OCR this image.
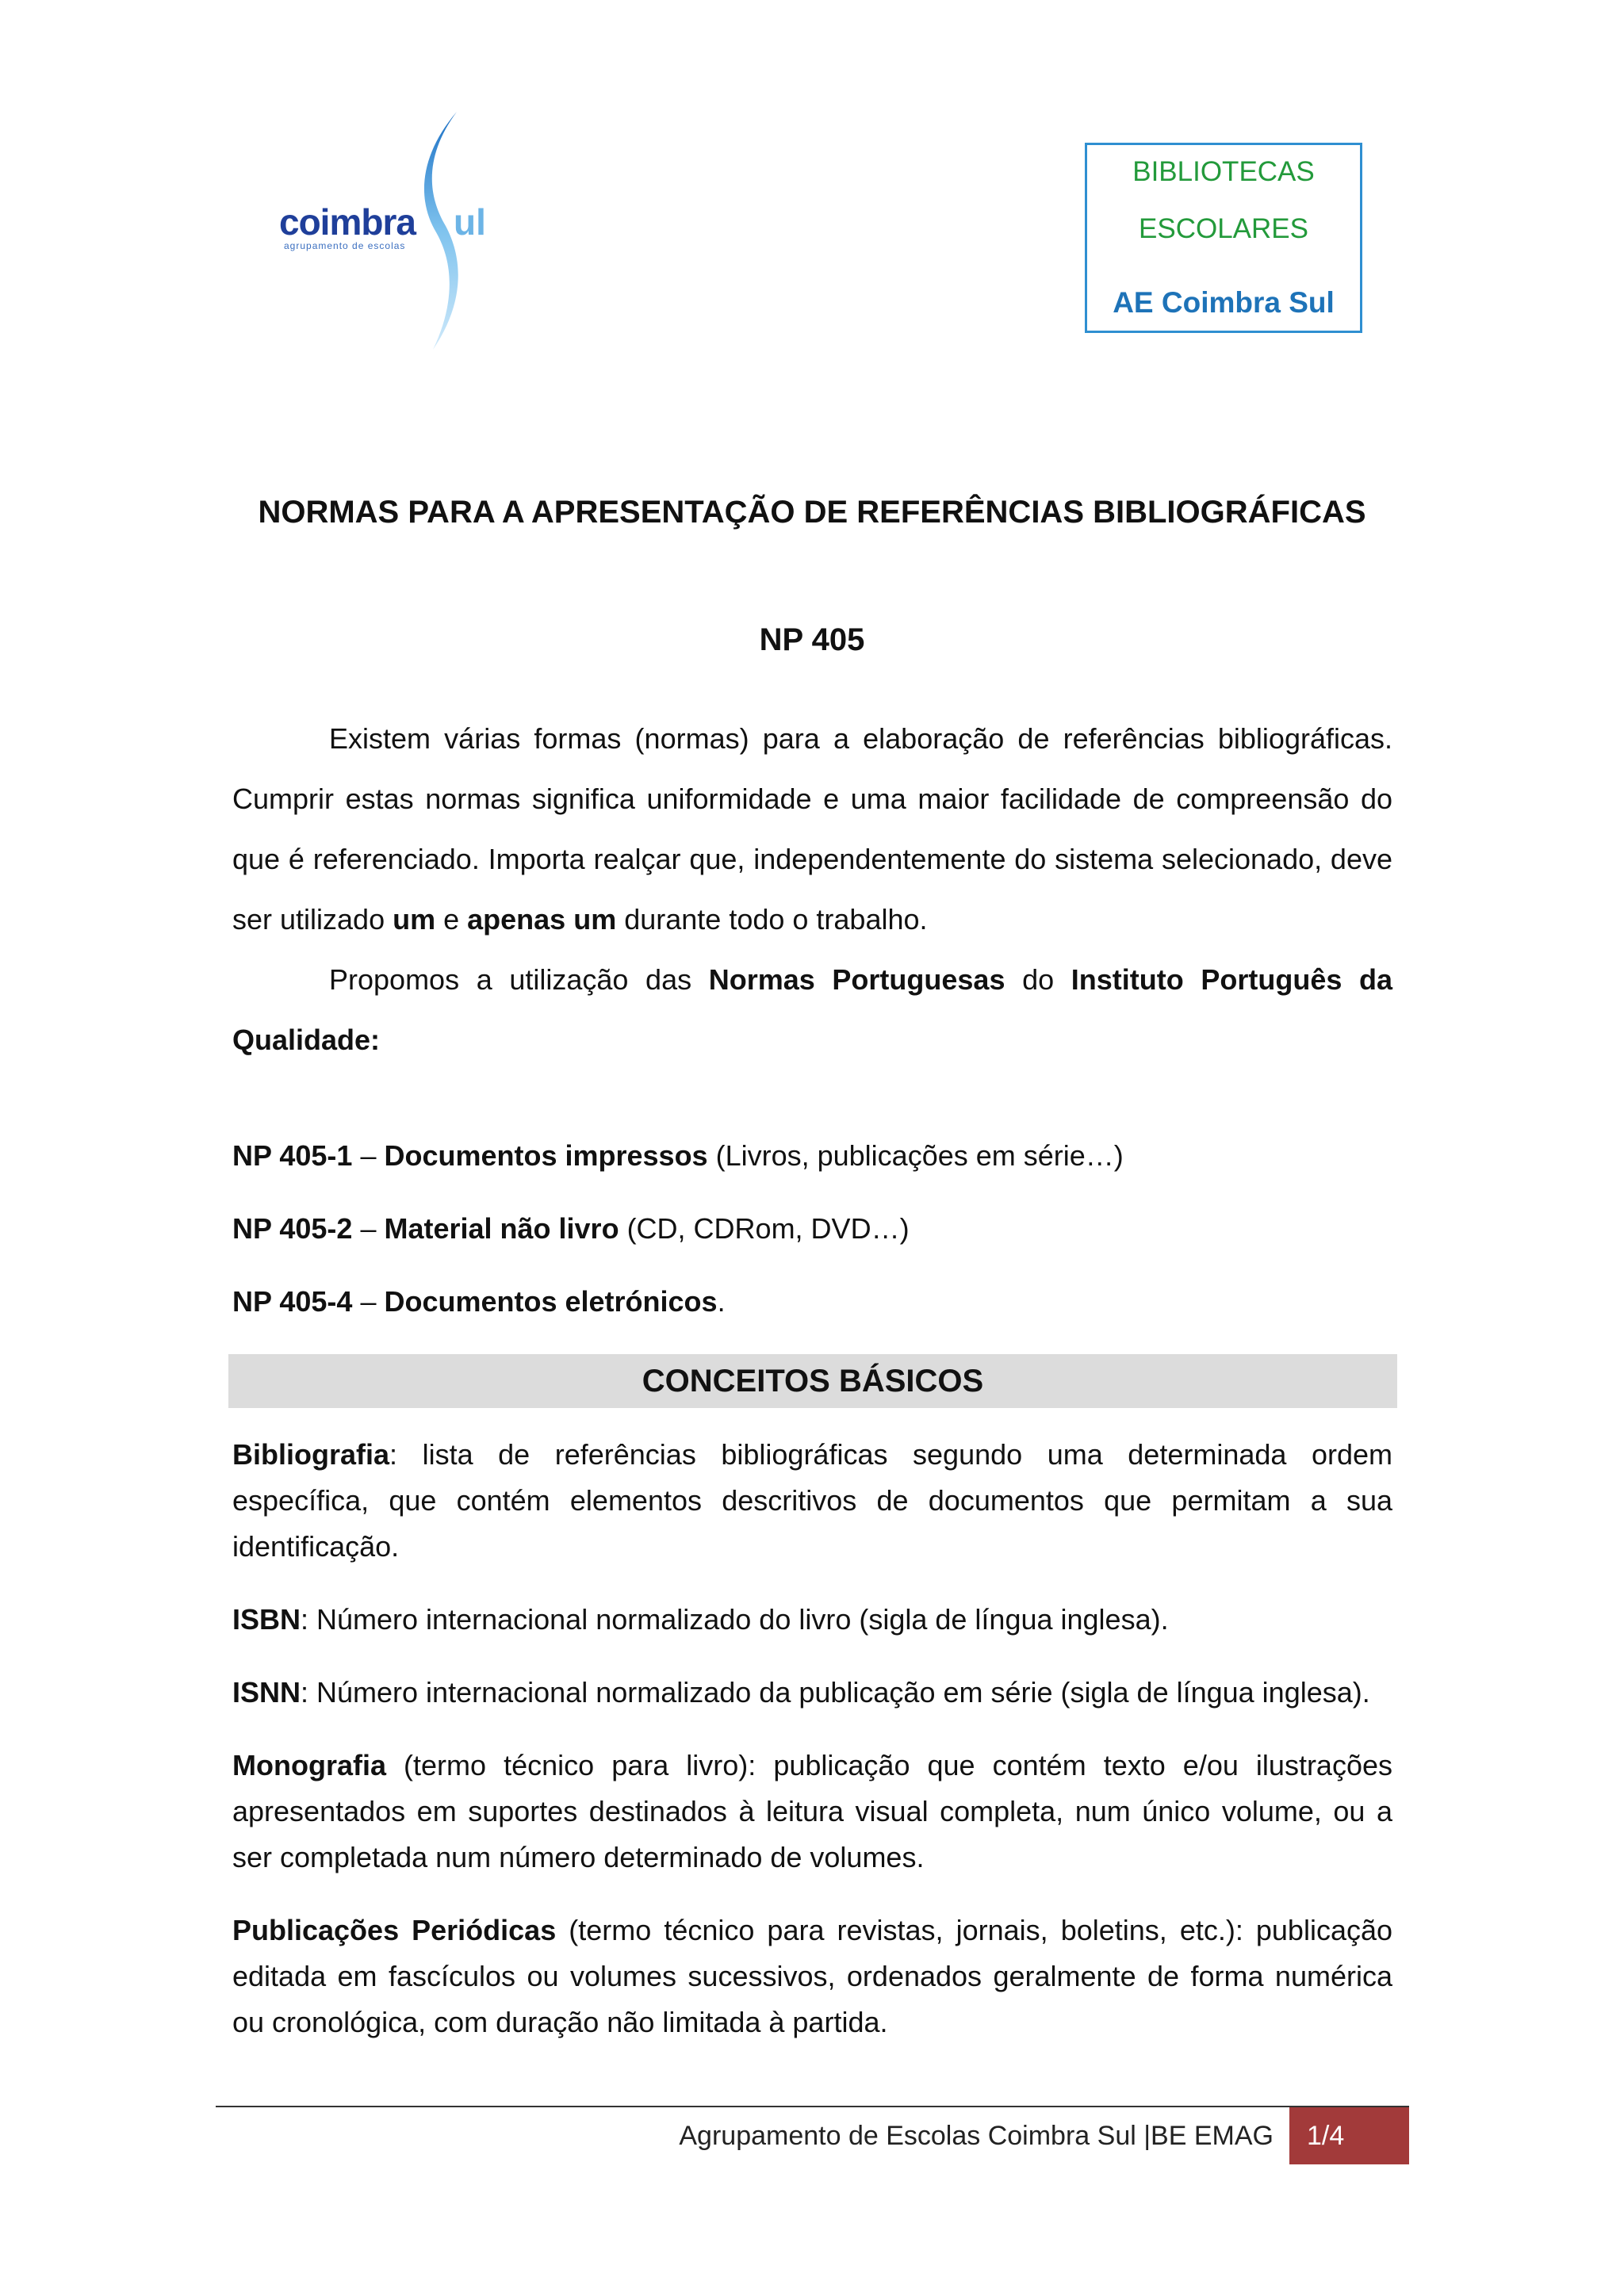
coimbra ul
agrupamento de escolas
BIBLIOTECAS
ESCOLARES
AE Coimbra Sul
NORMAS PARA A APRESENTAÇÃO DE REFERÊNCIAS BIBLIOGRÁFICAS
NP 405

Existem várias formas (normas) para a elaboração de referências bibliográficas. Cumprir estas normas significa uniformidade e uma maior facilidade de compreensão do que é referenciado. Importa realçar que, independentemente do sistema selecionado, deve ser utilizado um e apenas um durante todo o trabalho.

Propomos a utilização das Normas Portuguesas do Instituto Português da Qualidade:

NP 405-1 – Documentos impressos (Livros, publicações em série…)
NP 405-2 – Material não livro (CD, CDRom, DVD…)
NP 405-4 – Documentos eletrónicos.
CONCEITOS BÁSICOS

Bibliografia: lista de referências bibliográficas segundo uma determinada ordem específica, que contém elementos descritivos de documentos que permitam a sua identificação.

ISBN: Número internacional normalizado do livro (sigla de língua inglesa).

ISNN: Número internacional normalizado da publicação em série (sigla de língua inglesa).

Monografia (termo técnico para livro): publicação que contém texto e/ou ilustrações apresentados em suportes destinados à leitura visual completa, num único volume, ou a ser completada num número determinado de volumes.

Publicações Periódicas (termo técnico para revistas, jornais, boletins, etc.): publicação editada em fascículos ou volumes sucessivos, ordenados geralmente de forma numérica ou cronológica, com duração não limitada à partida.

Agrupamento de Escolas Coimbra Sul |BE EMAG	1/4
